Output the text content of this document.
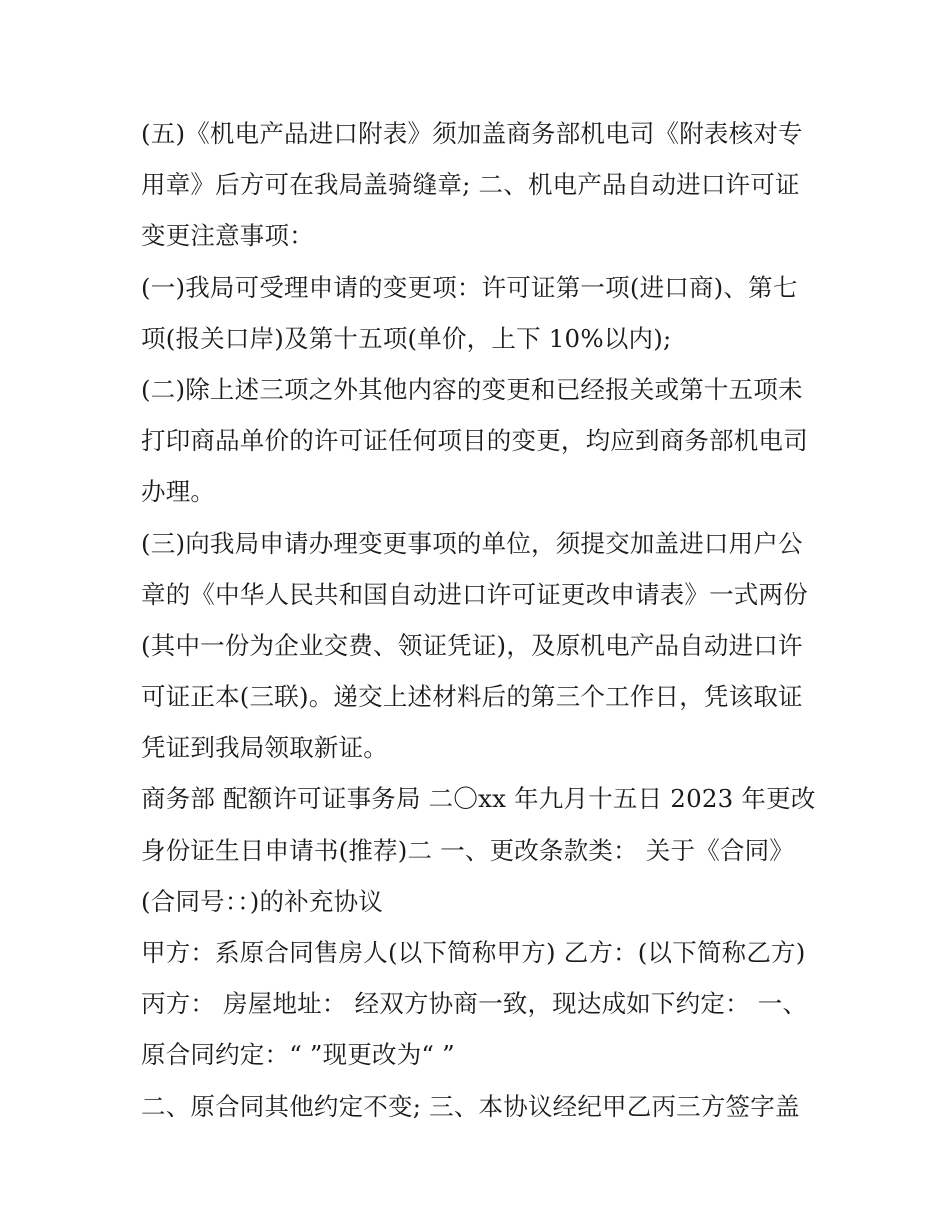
(五)《机电产品进口附表》须加盖商务部机电司《附表核对专
用章》后方可在我局盖骑缝章; 二、机电产品自动进口许可证
变更注意事项：
(一)我局可受理申请的变更项：许可证第一项(进口商)、第七
项(报关口岸)及第十五项(单价，上下 10%以内);
(二)除上述三项之外其他内容的变更和已经报关或第十五项未
打印商品单价的许可证任何项目的变更，均应到商务部机电司
办理。
(三)向我局申请办理变更事项的单位，须提交加盖进口用户公
章的《中华人民共和国自动进口许可证更改申请表》一式两份
(其中一份为企业交费、领证凭证)，及原机电产品自动进口许
可证正本(三联)。递交上述材料后的第三个工作日，凭该取证
凭证到我局领取新证。
商务部 配额许可证事务局 二〇xx 年九月十五日 2023 年更改
身份证生日申请书(推荐)二 一、更改条款类： 关于《合同》
(合同号：：)的补充协议
甲方：系原合同售房人(以下简称甲方) 乙方：(以下简称乙方)
丙方： 房屋地址： 经双方协商一致，现达成如下约定： 一、
原合同约定：“ ”现更改为“ ”
二、原合同其他约定不变; 三、本协议经纪甲乙丙三方签字盖
